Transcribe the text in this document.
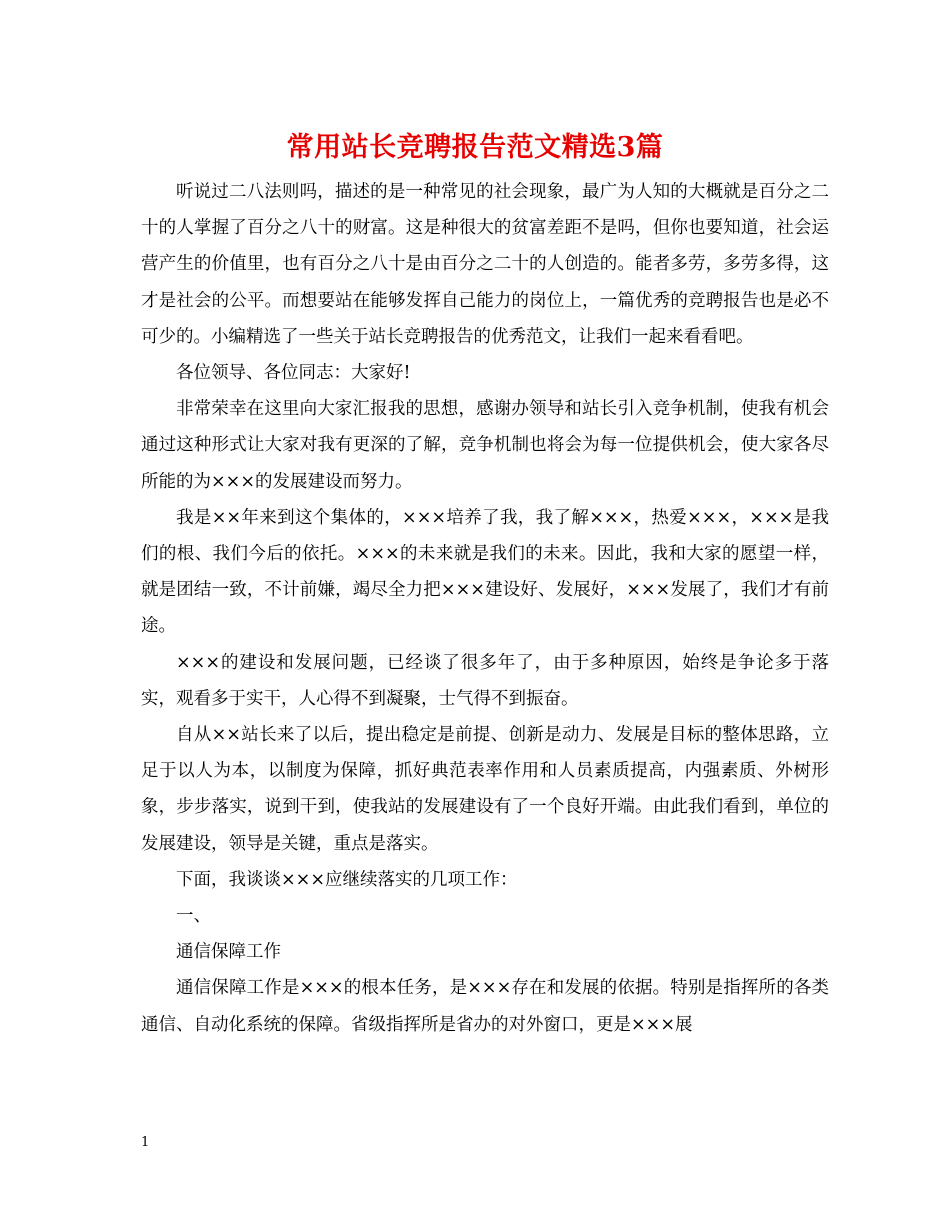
常用站长竞聘报告范文精选3篇

听说过二八法则吗，描述的是一种常见的社会现象，最广为人知的大概就是百分之二十的人掌握了百分之八十的财富。这是种很大的贫富差距不是吗，但你也要知道，社会运营产生的价值里，也有百分之八十是由百分之二十的人创造的。能者多劳，多劳多得，这才是社会的公平。而想要站在能够发挥自己能力的岗位上，一篇优秀的竞聘报告也是必不可少的。小编精选了一些关于站长竞聘报告的优秀范文，让我们一起来看看吧。

各位领导、各位同志：大家好!

非常荣幸在这里向大家汇报我的思想，感谢办领导和站长引入竞争机制，使我有机会通过这种形式让大家对我有更深的了解，竞争机制也将会为每一位提供机会，使大家各尽所能的为×××的发展建设而努力。

我是××年来到这个集体的，×××培养了我，我了解×××，热爱×××，×××是我们的根、我们今后的依托。×××的未来就是我们的未来。因此，我和大家的愿望一样，就是团结一致，不计前嫌，竭尽全力把×××建设好、发展好，×××发展了，我们才有前途。

×××的建设和发展问题，已经谈了很多年了，由于多种原因，始终是争论多于落实，观看多于实干，人心得不到凝聚，士气得不到振奋。

自从××站长来了以后，提出稳定是前提、创新是动力、发展是目标的整体思路，立足于以人为本，以制度为保障，抓好典范表率作用和人员素质提高，内强素质、外树形象，步步落实，说到干到，使我站的发展建设有了一个良好开端。由此我们看到，单位的发展建设，领导是关键，重点是落实。

下面，我谈谈×××应继续落实的几项工作：

一、

通信保障工作

通信保障工作是×××的根本任务，是×××存在和发展的依据。特别是指挥所的各类通信、自动化系统的保障。省级指挥所是省办的对外窗口，更是×××展

1
